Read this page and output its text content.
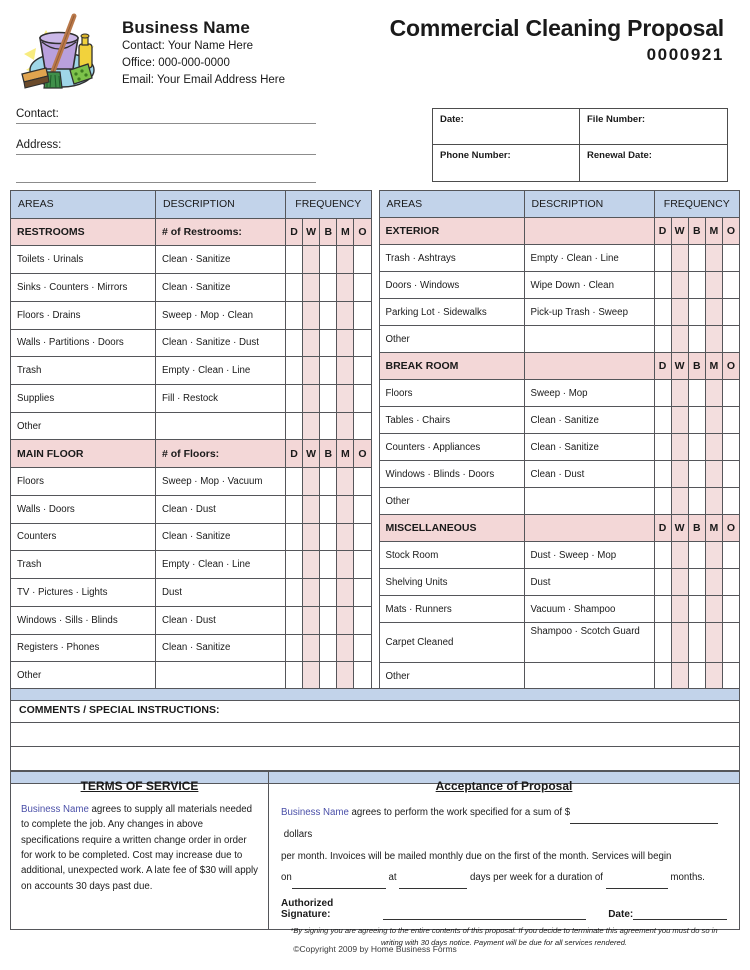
Business Name
Contact: Your Name Here
Office: 000-000-0000
Email: Your Email Address Here
Commercial Cleaning Proposal
0000921
Contact:
Address:
Date:	File Number:
Phone Number:	Renewal Date:
AREAS	DESCRIPTION	FREQUENCY				
RESTROOMS	# of Restrooms:	D	W	B	M	O
Toilets · Urinals	Clean · Sanitize					
Sinks · Counters · Mirrors	Clean · Sanitize					
Floors · Drains	Sweep · Mop · Clean					
Walls · Partitions · Doors	Clean · Sanitize · Dust					
Trash	Empty · Clean · Line					
Supplies	Fill · Restock					
Other						
MAIN FLOOR	# of Floors:	D	W	B	M	O
Floors	Sweep · Mop · Vacuum					
Walls · Doors	Clean · Dust					
Counters	Clean · Sanitize					
Trash	Empty · Clean · Line					
TV · Pictures · Lights	Dust					
Windows · Sills · Blinds	Clean · Dust					
Registers · Phones	Clean · Sanitize					
Other						
AREAS	DESCRIPTION	FREQUENCY				
EXTERIOR		D	W	B	M	O
Trash · Ashtrays	Empty · Clean · Line					
Doors · Windows	Wipe Down · Clean					
Parking Lot · Sidewalks	Pick-up Trash · Sweep					
Other						
BREAK ROOM		D	W	B	M	O
Floors	Sweep · Mop					
Tables · Chairs	Clean · Sanitize					
Counters · Appliances	Clean · Sanitize					
Windows · Blinds · Doors	Clean · Dust					
Other						
MISCELLANEOUS		D	W	B	M	O
Stock Room	Dust · Sweep · Mop					
Shelving Units	Dust					
Mats · Runners	Vacuum · Shampoo					
Carpet Cleaned	Shampoo · Scotch Guard					
Other						
COMMENTS / SPECIAL INSTRUCTIONS:
TERMS OF SERVICE

Business Name agrees to supply all materials needed to complete the job. Any changes in above specifications require a written change order in order for work to be completed. Cost may increase due to additional, unexpected work. A late fee of $30 will apply on accounts 30 days past due.

Acceptance of Proposal

Business Name agrees to perform the work specified for a sum of $ dollars

per month. Invoices will be mailed monthly due on the first of the month. Services will begin

on	at	days per week for a duration of	months.

Authorized Signature:	Date:
*By signing you are agreeing to the entire contents of this proposal. If you decide to terminate this agreement you must do so in writing with 30 days notice. Payment will be due for all services rendered.
©Copyright 2009 by Home Business Forms
